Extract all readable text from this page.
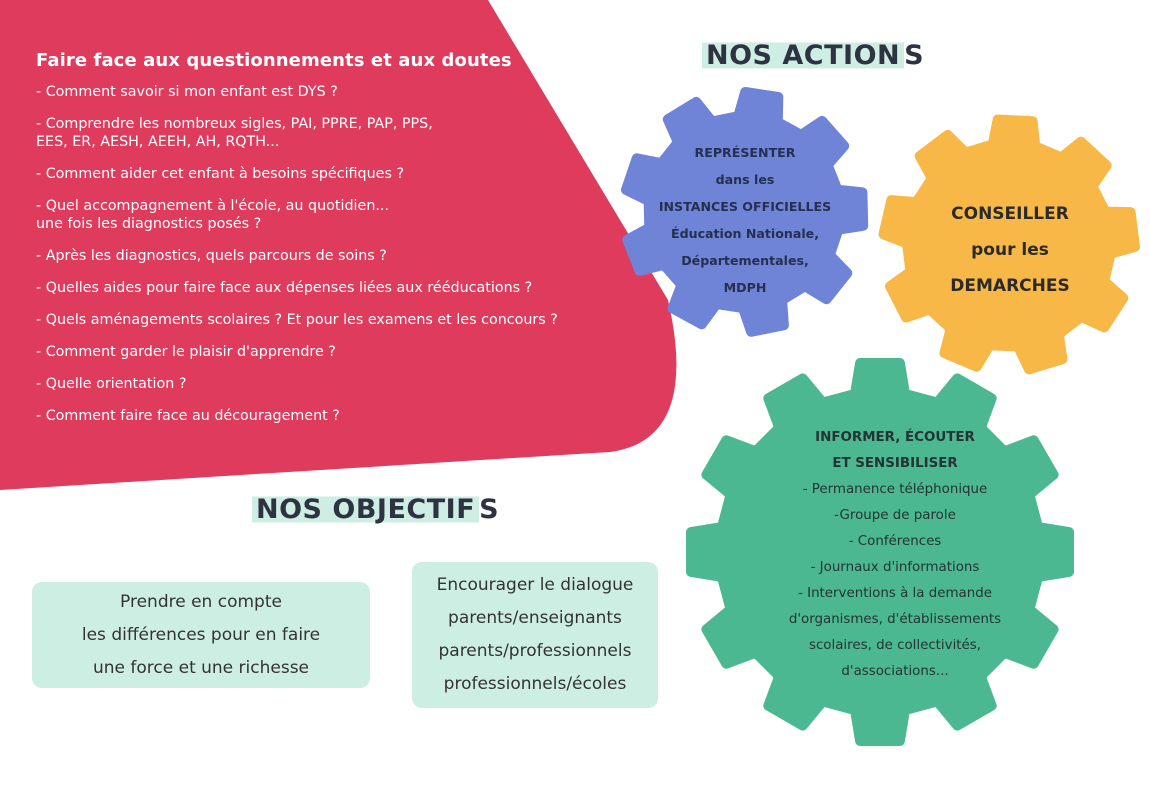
Faire face aux questionnements et aux doutes
- Comment savoir si mon enfant est DYS ?
- Comprendre les nombreux sigles, PAI, PPRE, PAP, PPS,
EES, ER, AESH, AEEH, AH, RQTH...
- Comment aider cet enfant à besoins spécifiques ?
- Quel accompagnement à l'école, au quotidien...
une fois les diagnostics posés ?
- Après les diagnostics, quels parcours de soins ?
- Quelles aides pour faire face aux dépenses liées aux rééducations ?
- Quels aménagements scolaires ? Et pour les examens et les concours ?
- Comment garder le plaisir d'apprendre ?
- Quelle orientation ?
- Comment faire face au découragement ?
NOS ACTION S
NOS OBJECTIF S
REPRÉSENTER
dans les
INSTANCES OFFICIELLES
Éducation Nationale,
Départementales,
MDPH
CONSEILLER
pour les
DEMARCHES
INFORMER, ÉCOUTER
ET SENSIBILISER
- Permanence téléphonique
-Groupe de parole
- Conférences
- Journaux d'informations
- Interventions à la demande
d'organismes, d'établissements
scolaires, de collectivités,
d'associations...
Prendre en compte
les différences pour en faire
une force et une richesse
Encourager le dialogue
parents/enseignants
parents/professionnels
professionnels/écoles
